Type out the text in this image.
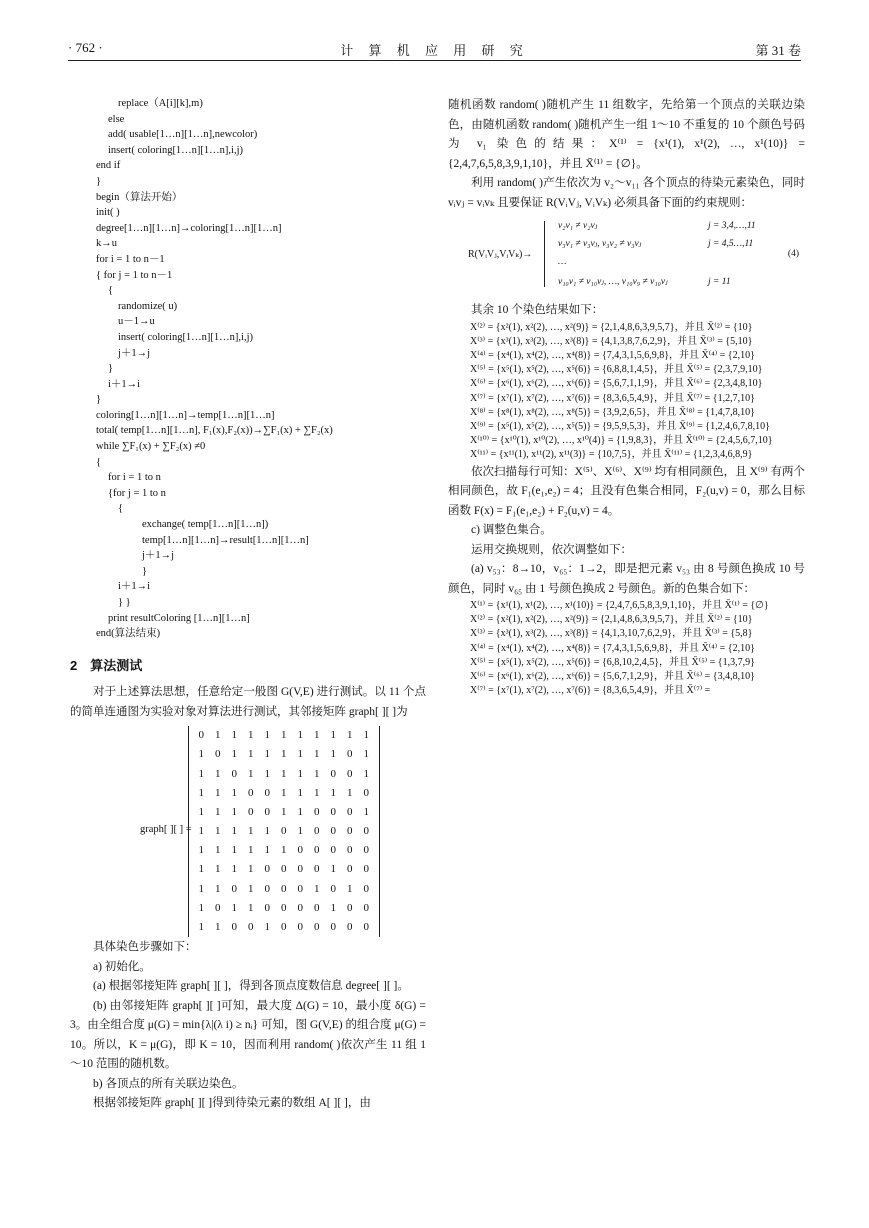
· 762 ·	计 算 机 应 用 研 究	第 31 卷
replace（A[i][k],m)
else
add( usable[1…n][1…n],newcolor)
insert( coloring[1…n][1…n],i,j)
end if
}
begin（算法开始）
init( )
degree[1…n][1…n]→coloring[1…n][1…n]
k→u
for i = 1 to n－1
{ for j = 1 to n－1
{
randomize( u)
u－1→u
insert( coloring[1…n][1…n],i,j)
j＋1→j
}
i＋1→i
}
coloring[1…n][1…n]→temp[1…n][1…n]
total( temp[1…n][1…n], F₁(x),F₂(x))→∑F₁(x) + ∑F₂(x)
while ∑F₁(x) + ∑F₂(x) ≠0
{
for i = 1 to n
{for j = 1 to n
{
exchange( temp[1…n][1…n])
temp[1…n][1…n]→result[1…n][1…n]
j＋1→j
}
i＋1→i
} }
print resultColoring [1…n][1…n]
end(算法结束)
2　算法测试
对于上述算法思想，任意给定一般图 G(V,E) 进行测试。以 11 个点的简单连通图为实验对象对算法进行测试，其邻接矩阵 graph[ ][ ]为
graph[ ][ ] =
0	1	1	1	1	1	1	1	1	1	1
1	0	1	1	1	1	1	1	1	0	1
1	1	0	1	1	1	1	1	0	0	1
1	1	1	0	0	1	1	1	1	1	0
1	1	1	0	0	1	1	0	0	0	1
1	1	1	1	1	0	1	0	0	0	0
1	1	1	1	1	1	0	0	0	0	0
1	1	1	1	0	0	0	0	1	0	0
1	1	0	1	0	0	0	1	0	1	0
1	0	1	1	0	0	0	0	1	0	0
1	1	0	0	1	0	0	0	0	0	0
具体染色步骤如下：
a) 初始化。
(a) 根据邻接矩阵 graph[ ][ ]，得到各顶点度数信息 degree[ ][ ]。
(b) 由邻接矩阵 graph[ ][ ]可知，最大度 Δ(G) = 10，最小度 δ(G) = 3。由全组合度 μ(G) = min{λ|(λ i) ≥ nᵢ} 可知，图 G(V,E) 的组合度 μ(G) = 10。所以，K = μ(G)，即 K = 10，因而利用 random( )依次产生 11 组 1～10 范围的随机数。
b) 各顶点的所有关联边染色。
根据邻接矩阵 graph[ ][ ]得到待染元素的数组 A[ ][ ]，由
随机函数 random( )随机产生 11 组数字，先给第一个顶点的关联边染色，由随机函数 random( )随机产生一组 1～10 不重复的 10 个颜色号码为 v₁ 染色的结果：X⁽¹⁾ = {x¹(1), x¹(2), …, x¹(10)} = {2,4,7,6,5,8,3,9,1,10}，并且 X̄⁽¹⁾ = {∅}。
利用 random( )产生依次为 v₂～v₁₁ 各个顶点的待染元素染色，同时 vᵢvⱼ = vᵢvₖ 且要保证 R(VᵢVⱼ, VᵢVₖ) 必须具备下面的约束规则：
R(VᵢVⱼ,VᵢVₖ)→
v₂v₁ ≠ v₂vⱼ	j = 3,4,…,11
v₃v₁ ≠ v₃vⱼ, v₃v₂ ≠ v₃vⱼ	j = 4,5…,11
…
v₁₀v₁ ≠ v₁₀vⱼ, …, v₁₀v₉ ≠ v₁₀vⱼ	j = 11
(4)
其余 10 个染色结果如下：
X⁽²⁾ = {x²(1), x²(2), …, x²(9)} = {2,1,4,8,6,3,9,5,7}，并且 X̄⁽²⁾ = {10}
X⁽³⁾ = {x³(1), x³(2), …, x³(8)} = {4,1,3,8,7,6,2,9}，并且 X̄⁽³⁾ = {5,10}
X⁽⁴⁾ = {x⁴(1), x⁴(2), …, x⁴(8)} = {7,4,3,1,5,6,9,8}，并且 X̄⁽⁴⁾ = {2,10}
X⁽⁵⁾ = {x⁵(1), x⁵(2), …, x⁵(6)} = {6,8,8,1,4,5}，并且 X̄⁽⁵⁾ = {2,3,7,9,10}
X⁽⁶⁾ = {x⁶(1), x⁶(2), …, x⁶(6)} = {5,6,7,1,1,9}，并且 X̄⁽⁶⁾ = {2,3,4,8,10}
X⁽⁷⁾ = {x⁷(1), x⁷(2), …, x⁷(6)} = {8,3,6,5,4,9}，并且 X̄⁽⁷⁾ = {1,2,7,10}
X⁽⁸⁾ = {x⁸(1), x⁸(2), …, x⁸(5)} = {3,9,2,6,5}，并且 X̄⁽⁸⁾ = {1,4,7,8,10}
X⁽⁹⁾ = {x⁵(1), x⁵(2), …, x⁵(5)} = {9,5,9,5,3}，并且 X̄⁽⁹⁾ = {1,2,4,6,7,8,10}
X⁽¹⁰⁾ = {x¹⁰(1), x¹⁰(2), …, x¹⁰(4)} = {1,9,8,3}，并且 X̄⁽¹⁰⁾ = {2,4,5,6,7,10}
X⁽¹¹⁾ = {x¹¹(1), x¹¹(2), x¹¹(3)} = {10,7,5}，并且 X̄⁽¹¹⁾ = {1,2,3,4,6,8,9}
依次扫描每行可知：X⁽⁵⁾、X⁽⁶⁾、X⁽⁹⁾ 均有相同颜色，且 X⁽⁹⁾ 有两个相同颜色，故 F₁(e₁,e₂) = 4；且没有色集合相同，F₂(u,v) = 0，那么目标函数 F(x) = F₁(e₁,e₂) + F₂(u,v) = 4。
c) 调整色集合。
运用交换规则，依次调整如下：
(a) v₅₃：8→10，v₆₅：1→2，即是把元素 v₅₃ 由 8 号颜色换成 10 号颜色，同时 v₆₅ 由 1 号颜色换成 2 号颜色。新的色集合如下：
X⁽¹⁾ = {x¹(1), x¹(2), …, x¹(10)} = {2,4,7,6,5,8,3,9,1,10}，并且 X̄⁽¹⁾ = {∅}
X⁽²⁾ = {x²(1), x²(2), …, x²(9)} = {2,1,4,8,6,3,9,5,7}，并且 X̄⁽²⁾ = {10}
X⁽³⁾ = {x³(1), x³(2), …, x³(8)} = {4,1,3,10,7,6,2,9}，并且 X̄⁽³⁾ = {5,8}
X⁽⁴⁾ = {x⁴(1), x⁴(2), …, x⁴(8)} = {7,4,3,1,5,6,9,8}，并且 X̄⁽⁴⁾ = {2,10}
X⁽⁵⁾ = {x⁵(1), x⁵(2), …, x⁵(6)} = {6,8,10,2,4,5}，并且 X̄⁽⁵⁾ = {1,3,7,9}
X⁽⁶⁾ = {x⁶(1), x⁶(2), …, x⁶(6)} = {5,6,7,1,2,9}，并且 X̄⁽⁶⁾ = {3,4,8,10}
X⁽⁷⁾ = {x⁷(1), x⁷(2), …, x⁷(6)} = {8,3,6,5,4,9}，并且 X̄⁽⁷⁾ =
